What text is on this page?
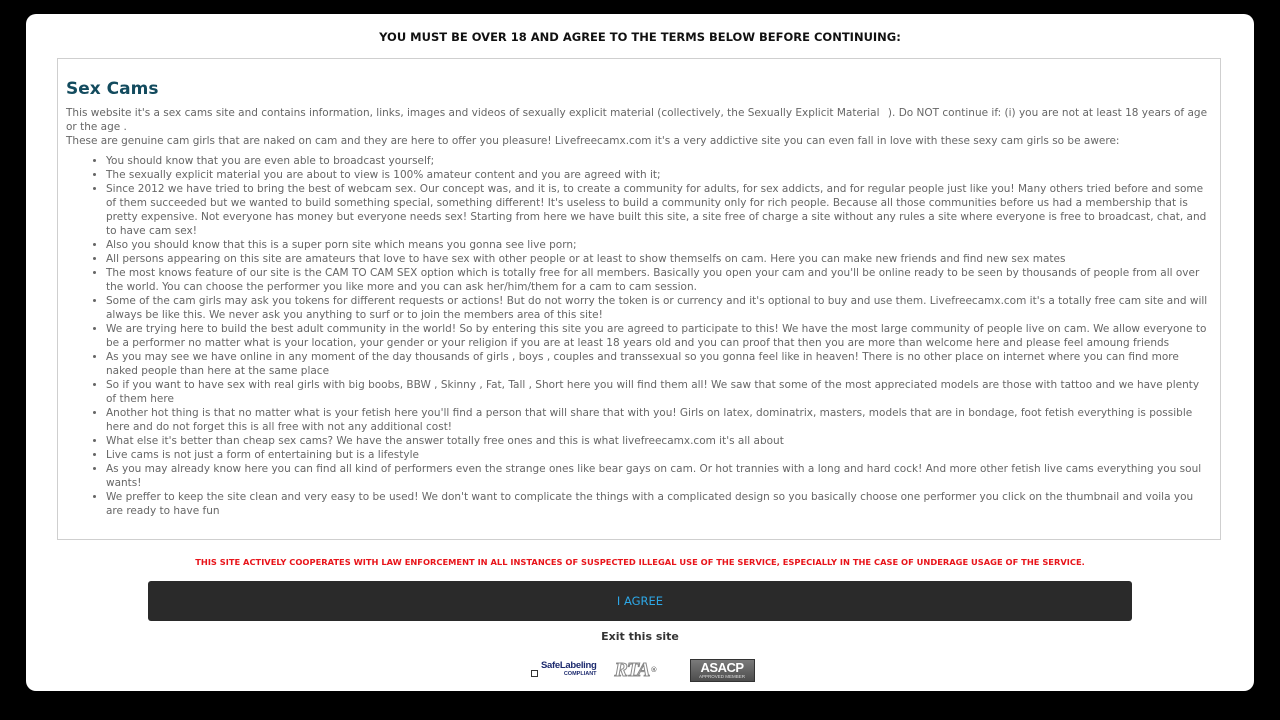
YOU MUST BE OVER 18 AND AGREE TO THE TERMS BELOW BEFORE CONTINUING:
Sex Cams
This website it's a sex cams site and contains information, links, images and videos of sexually explicit material (collectively, the Sexually Explicit Material). Do NOT continue if: (i) you are not at least 18 years of age or the age .
These are genuine cam girls that are naked on cam and they are here to offer you pleasure! Livefreecamx.com it's a very addictive site you can even fall in love with these sexy cam girls so be awere:
• You should know that you are even able to broadcast yourself;
• The sexually explicit material you are about to view is 100% amateur content and you are agreed with it;
• Since 2012 we have tried to bring the best of webcam sex. Our concept was, and it is, to create a community for adults, for sex addicts, and for regular people just like you! Many others tried before and some of them succeeded but we wanted to build something special, something different! It's useless to build a community only for rich people. Because all those communities before us had a membership that is pretty expensive. Not everyone has money but everyone needs sex! Starting from here we have built this site, a site free of charge a site without any rules a site where everyone is free to broadcast, chat, and to have cam sex!
• Also you should know that this is a super porn site which means you gonna see live porn;
• All persons appearing on this site are amateurs that love to have sex with other people or at least to show themselfs on cam. Here you can make new friends and find new sex mates
• The most knows feature of our site is the CAM TO CAM SEX option which is totally free for all members. Basically you open your cam and you'll be online ready to be seen by thousands of people from all over the world. You can choose the performer you like more and you can ask her/him/them for a cam to cam session.
• Some of the cam girls may ask you tokens for different requests or actions! But do not worry the token is or currency and it's optional to buy and use them. Livefreecamx.com it's a totally free cam site and will always be like this. We never ask you anything to surf or to join the members area of this site!
• We are trying here to build the best adult community in the world! So by entering this site you are agreed to participate to this! We have the most large community of people live on cam. We allow everyone to be a performer no matter what is your location, your gender or your religion if you are at least 18 years old and you can proof that then you are more than welcome here and please feel amoung friends
• As you may see we have online in any moment of the day thousands of girls , boys , couples and transsexual so you gonna feel like in heaven! There is no other place on internet where you can find more naked people than here at the same place
• So if you want to have sex with real girls with big boobs, BBW , Skinny , Fat, Tall , Short here you will find them all! We saw that some of the most appreciated models are those with tattoo and we have plenty of them here
• Another hot thing is that no matter what is your fetish here you'll find a person that will share that with you! Girls on latex, dominatrix, masters, models that are in bondage, foot fetish everything is possible here and do not forget this is all free with not any additional cost!
• What else it's better than cheap sex cams? We have the answer totally free ones and this is what livefreecamx.com it's all about
• Live cams is not just a form of entertaining but is a lifestyle
• As you may already know here you can find all kind of performers even the strange ones like bear gays on cam. Or hot trannies with a long and hard cock! And more other fetish live cams everything you soul wants!
• We preffer to keep the site clean and very easy to be used! We don't want to complicate the things with a complicated design so you basically choose one performer you click on the thumbnail and voila you are ready to have fun
THIS SITE ACTIVELY COOPERATES WITH LAW ENFORCEMENT IN ALL INSTANCES OF SUSPECTED ILLEGAL USE OF THE SERVICE, ESPECIALLY IN THE CASE OF UNDERAGE USAGE OF THE SERVICE.
I AGREE
Exit this site
SafeLabeling
COMPLIANT RTA ®	ASACP
APPROVED MEMBER
